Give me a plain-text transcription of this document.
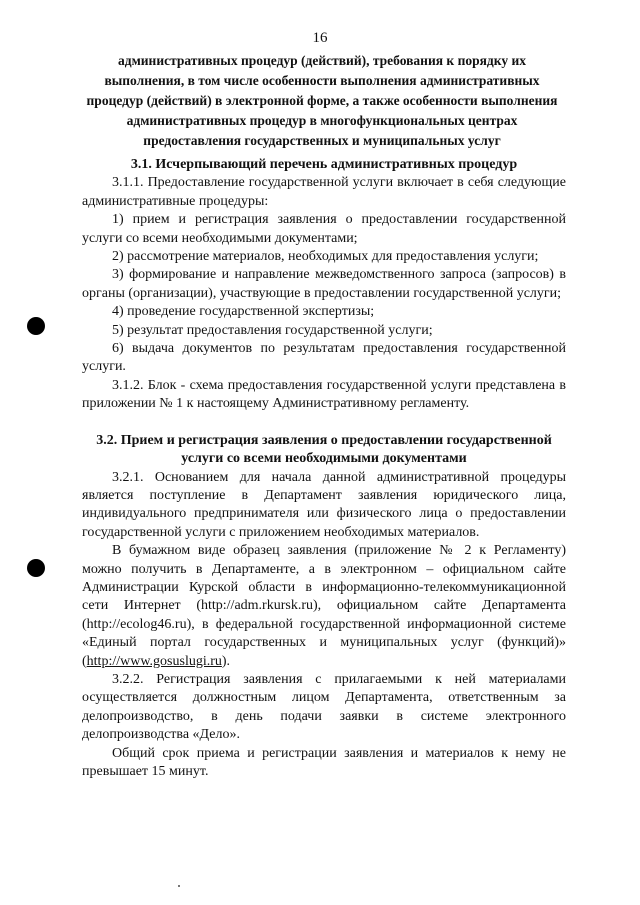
16
административных процедур (действий), требования к порядку их выполнения, в том числе особенности выполнения административных процедур (действий) в электронной форме, а также особенности выполнения административных процедур в многофункциональных центрах предоставления государственных и муниципальных услуг

3.1. Исчерпывающий перечень административных процедур

3.1.1. Предоставление государственной услуги включает в себя следующие административные процедуры:

1) прием и регистрация заявления о предоставлении государственной услуги со всеми необходимыми документами;

2) рассмотрение материалов, необходимых для предоставления услуги;

3) формирование и направление межведомственного запроса (запросов) в органы (организации), участвующие в предоставлении государственной услуги;

4) проведение государственной экспертизы;

5) результат предоставления государственной услуги;

6) выдача документов по результатам предоставления государственной услуги.

3.1.2. Блок - схема предоставления государственной услуги представлена в приложении № 1 к настоящему Административному регламенту.

3.2. Прием и регистрация заявления о предоставлении государственной услуги со всеми необходимыми документами

3.2.1. Основанием для начала данной административной процедуры является поступление в Департамент заявления юридического лица, индивидуального предпринимателя или физического лица о предоставлении государственной услуги с приложением необходимых материалов.

В бумажном виде образец заявления (приложение № 2 к Регламенту) можно получить в Департаменте, а в электронном – официальном сайте Администрации Курской области в информационно-телекоммуникационной сети Интернет (http://adm.rkursk.ru), официальном сайте Департамента (http://ecolog46.ru), в федеральной государственной информационной системе «Единый портал государственных и муниципальных услуг (функций)» (http://www.gosuslugi.ru).

3.2.2. Регистрация заявления с прилагаемыми к ней материалами осуществляется должностным лицом Департамента, ответственным за делопроизводство, в день подачи заявки в системе электронного делопроизводства «Дело».

Общий срок приема и регистрации заявления и материалов к нему не превышает 15 минут.
